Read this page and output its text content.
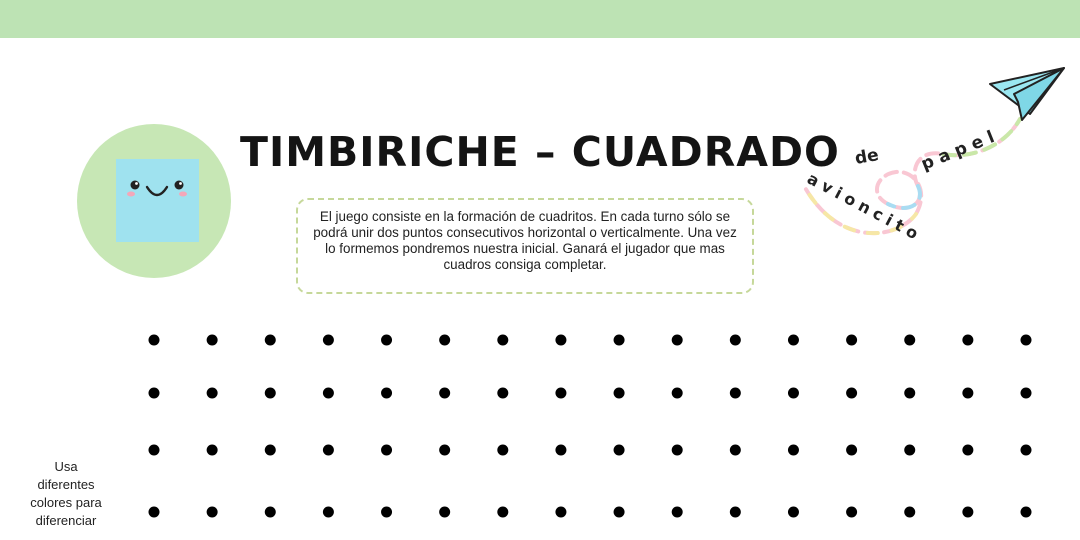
TIMBIRICHE – CUADRADO

El juego consiste en la formación de cuadritos. En cada turno sólo se podrá unir dos puntos consecutivos horizontal o verticalmente. Una vez lo formemos pondremos nuestra inicial. Ganará el jugador que mas cuadros consiga completar.

de papel
avioncito
Usa diferentes colores para diferenciar
